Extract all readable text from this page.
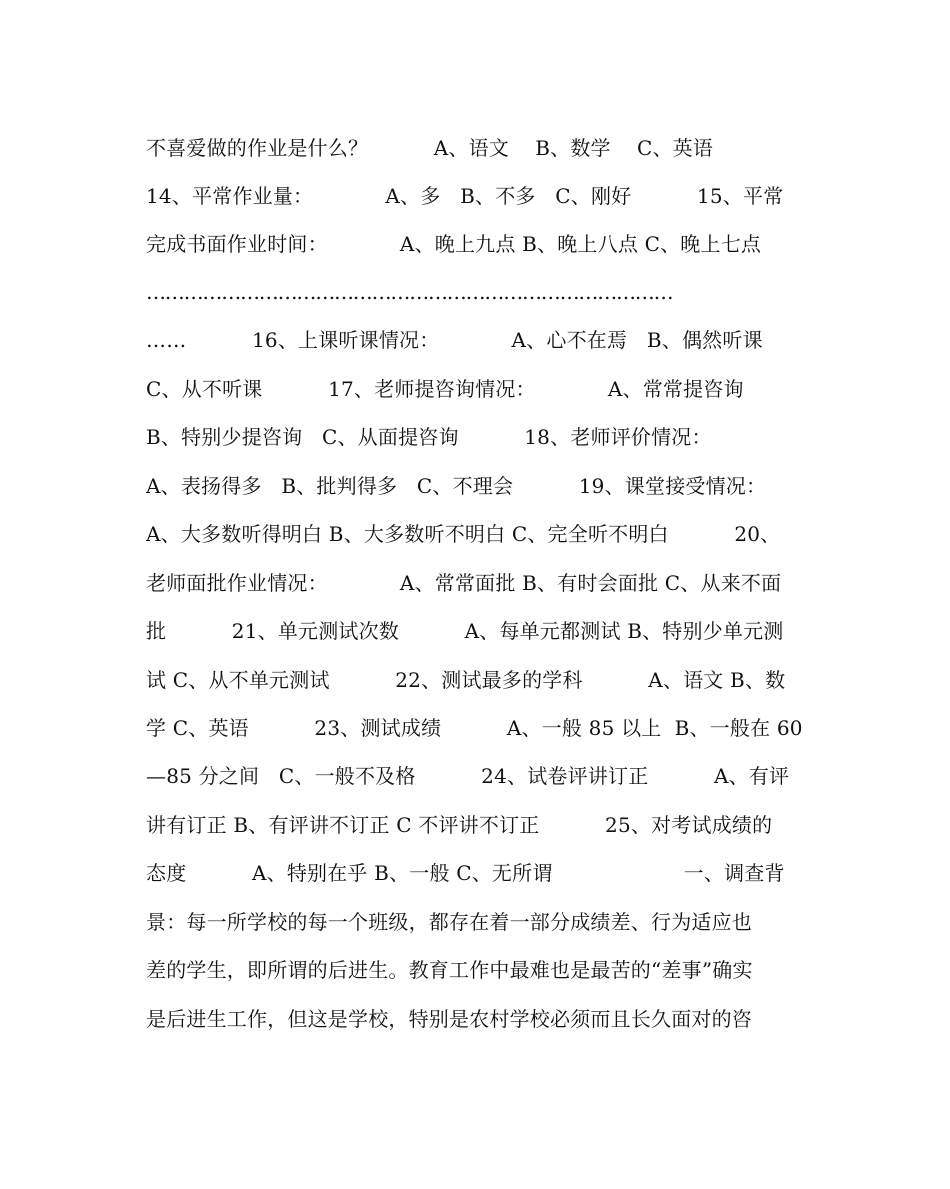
不喜爱做的作业是什么？          A、语文    B、数学    C、英语
14、平常作业量：           A、多   B、不多   C、刚好          15、平常
完成书面作业时间：           A、晚上九点 B、晚上八点 C、晚上七点
…………………………………………………………………………
……          16、上课听课情况：           A、心不在焉   B、偶然听课
C、从不听课          17、老师提咨询情况：           A、常常提咨询
B、特别少提咨询   C、从面提咨询          18、老师评价情况：
A、表扬得多   B、批判得多   C、不理会          19、课堂接受情况：
A、大多数听得明白 B、大多数听不明白 C、完全听不明白          20、
老师面批作业情况：           A、常常面批 B、有时会面批 C、从来不面
批          21、单元测试次数          A、每单元都测试 B、特别少单元测
试 C、从不单元测试          22、测试最多的学科          A、语文 B、数
学 C、英语          23、测试成绩          A、一般 85 以上  B、一般在 60
—85 分之间   C、一般不及格          24、试卷评讲订正          A、有评
讲有订正 B、有评讲不订正 C 不评讲不订正          25、对考试成绩的
态度          A、特别在乎 B、一般 C、无所谓                    一、调查背
景：每一所学校的每一个班级，都存在着一部分成绩差、行为适应也
差的学生，即所谓的后进生。教育工作中最难也是最苦的“差事”确实
是后进生工作，但这是学校，特别是农村学校必须而且长久面对的咨
